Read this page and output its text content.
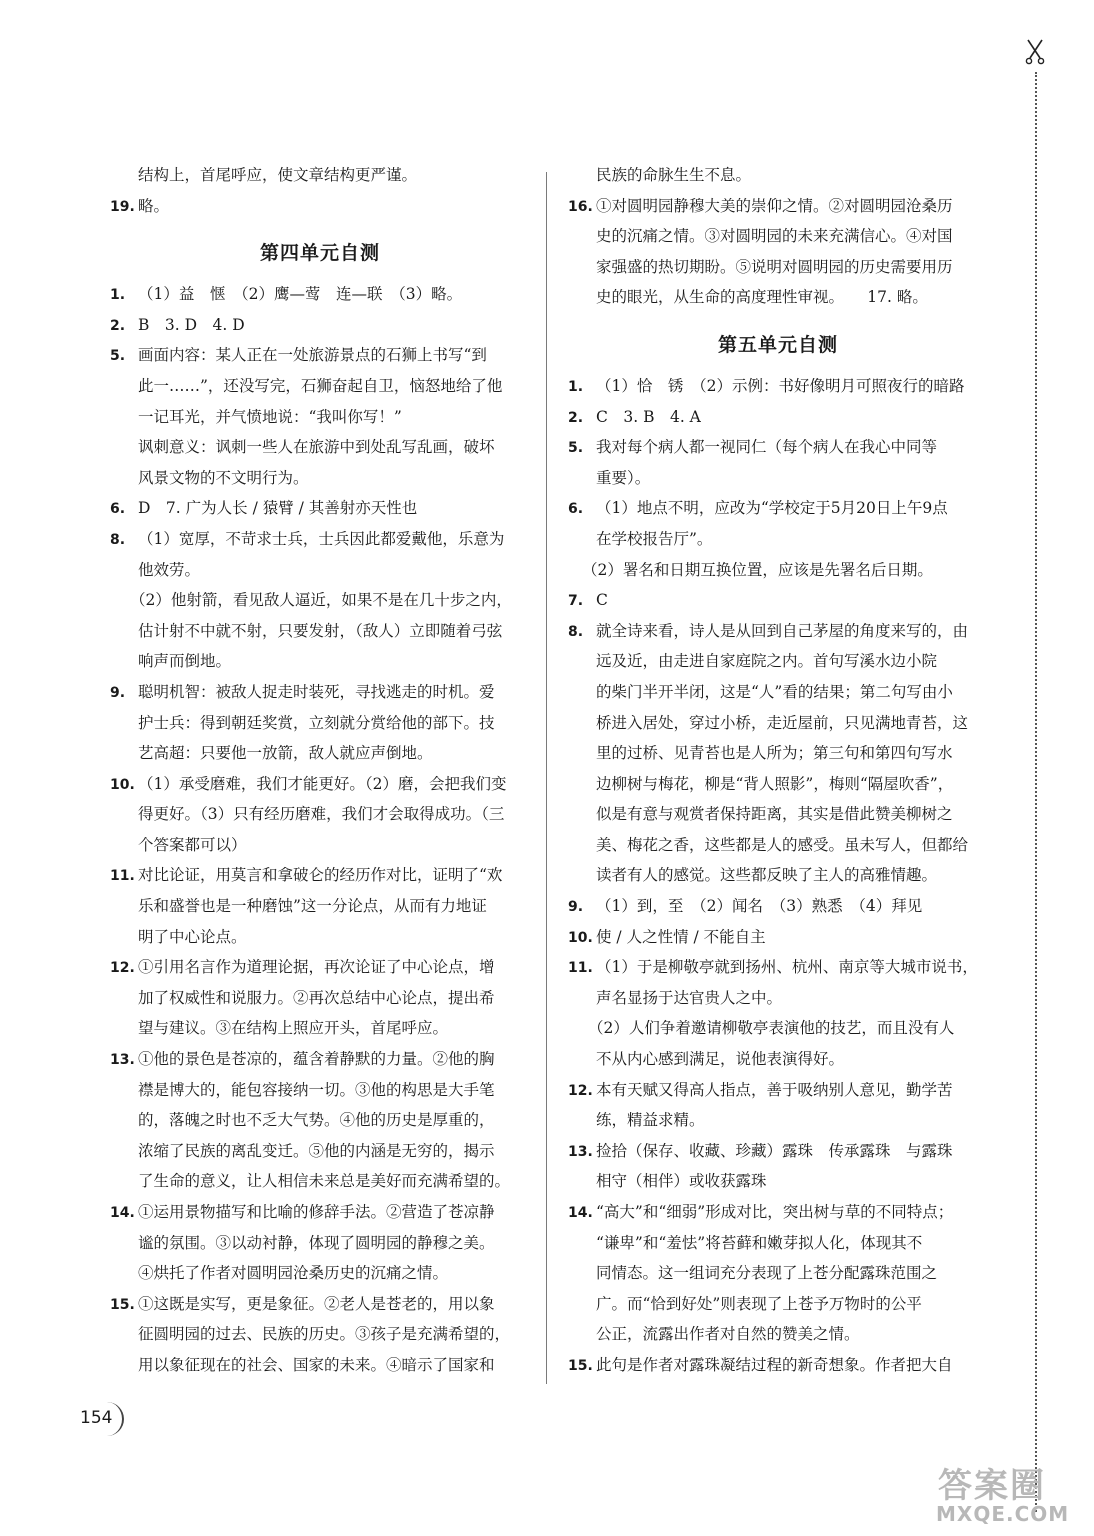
结构上，首尾呼应，使文章结构更严谨。
19. 略。
第四单元自测
1. （1）益　惬　（2）鹰—莺　连—联　（3）略。
2. B　3. D　4. D
5. 画面内容：某人正在一处旅游景点的石狮上书写“到
此一……”，还没写完，石狮奋起自卫，恼怒地给了他
一记耳光，并气愤地说：“我叫你写！”
讽刺意义：讽刺一些人在旅游中到处乱写乱画，破坏
风景文物的不文明行为。
6. D　7. 广为人长 / 猿臂 / 其善射亦天性也
8. （1）宽厚，不苛求士兵，士兵因此都爱戴他，乐意为
他效劳。
（2）他射箭，看见敌人逼近，如果不是在几十步之内，
估计射不中就不射，只要发射，（敌人）立即随着弓弦
响声而倒地。
9. 聪明机智：被敌人捉走时装死，寻找逃走的时机。爱
护士兵：得到朝廷奖赏，立刻就分赏给他的部下。技
艺高超：只要他一放箭，敌人就应声倒地。
10. （1）承受磨难，我们才能更好。（2）磨，会把我们变
得更好。（3）只有经历磨难，我们才会取得成功。（三
个答案都可以）
11. 对比论证，用莫言和拿破仑的经历作对比，证明了“欢
乐和盛誉也是一种磨蚀”这一分论点，从而有力地证
明了中心论点。
12. ①引用名言作为道理论据，再次论证了中心论点，增
加了权威性和说服力。②再次总结中心论点，提出希
望与建议。③在结构上照应开头，首尾呼应。
13. ①他的景色是苍凉的，蕴含着静默的力量。②他的胸
襟是博大的，能包容接纳一切。③他的构思是大手笔
的，落魄之时也不乏大气势。④他的历史是厚重的，
浓缩了民族的离乱变迁。⑤他的内涵是无穷的，揭示
了生命的意义，让人相信未来总是美好而充满希望的。
14. ①运用景物描写和比喻的修辞手法。②营造了苍凉静
谧的氛围。③以动衬静，体现了圆明园的静穆之美。
④烘托了作者对圆明园沧桑历史的沉痛之情。
15. ①这既是实写，更是象征。②老人是苍老的，用以象
征圆明园的过去、民族的历史。③孩子是充满希望的，
用以象征现在的社会、国家的未来。④暗示了国家和
民族的命脉生生不息。
16. ①对圆明园静穆大美的崇仰之情。②对圆明园沧桑历
史的沉痛之情。③对圆明园的未来充满信心。④对国
家强盛的热切期盼。⑤说明对圆明园的历史需要用历
史的眼光，从生命的高度理性审视。　　17. 略。
第五单元自测
1. （1）恰　锈　（2）示例：书好像明月可照夜行的暗路
2. C　3. B　4. A
5. 我对每个病人都一视同仁（每个病人在我心中同等
重要）。
6. （1）地点不明，应改为“学校定于5月20日上午9点
在学校报告厅”。
（2）署名和日期互换位置，应该是先署名后日期。
7. C
8. 就全诗来看，诗人是从回到自己茅屋的角度来写的，由
远及近，由走进自家庭院之内。首句写溪水边小院
的柴门半开半闭，这是“人”看的结果；第二句写由小
桥进入居处，穿过小桥，走近屋前，只见满地青苔，这
里的过桥、见青苔也是人所为；第三句和第四句写水
边柳树与梅花，柳是“背人照影”，梅则“隔屋吹香”，
似是有意与观赏者保持距离，其实是借此赞美柳树之
美、梅花之香，这些都是人的感受。虽未写人，但都给
读者有人的感觉。这些都反映了主人的高雅情趣。
9. （1）到，至　（2）闻名　（3）熟悉　（4）拜见
10. 使 / 人之性情 / 不能自主
11. （1）于是柳敬亭就到扬州、杭州、南京等大城市说书，
声名显扬于达官贵人之中。
（2）人们争着邀请柳敬亭表演他的技艺，而且没有人
不从内心感到满足，说他表演得好。
12. 本有天赋又得高人指点，善于吸纳别人意见，勤学苦
练，精益求精。
13. 捡拾（保存、收藏、珍藏）露珠　传承露珠　与露珠
相守（相伴）或收获露珠
14. “高大”和“细弱”形成对比，突出树与草的不同特点；
“谦卑”和“羞怯”将苔藓和嫩芽拟人化，体现其不
同情态。这一组词充分表现了上苍分配露珠范围之
广。而“恰到好处”则表现了上苍予万物时的公平
公正，流露出作者对自然的赞美之情。
15. 此句是作者对露珠凝结过程的新奇想象。作者把大自
154
答案圈
MXQE.COM
